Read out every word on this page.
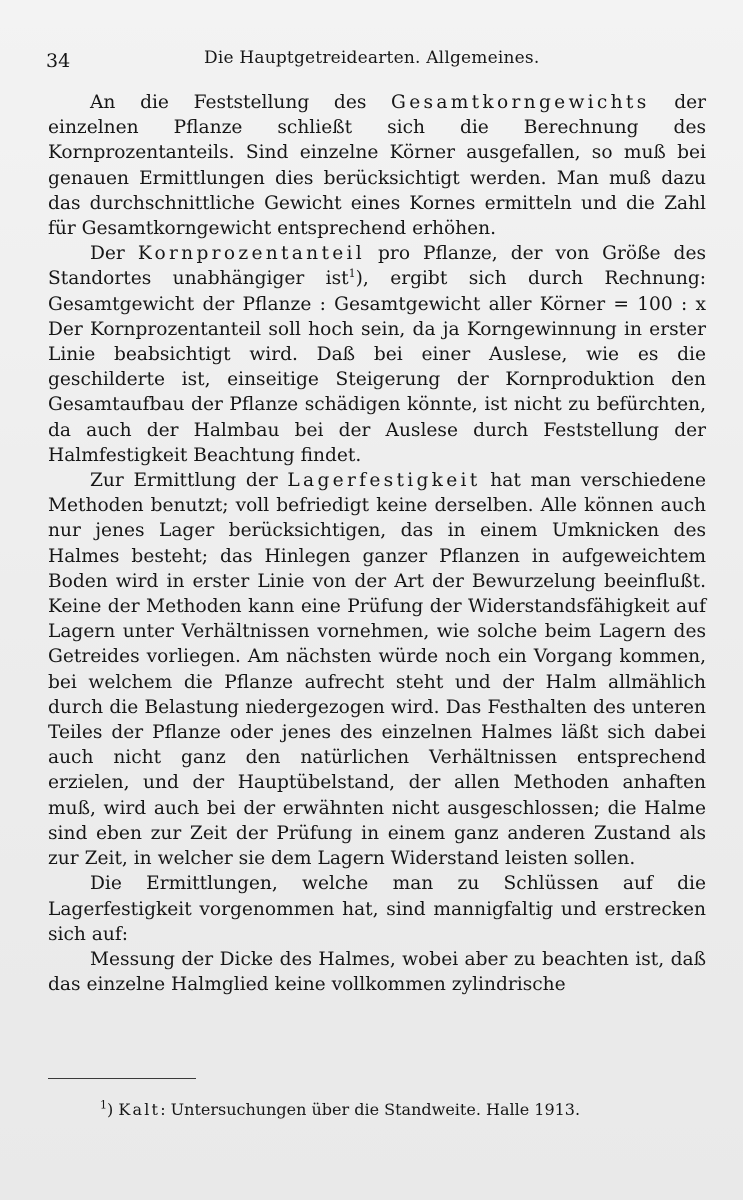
34	Die Hauptgetreidearten. Allgemeines.

An die Feststellung des Gesamtkorngewichts der einzelnen Pflanze schließt sich die Berechnung des Kornprozentanteils. Sind einzelne Körner ausgefallen, so muß bei genauen Ermittlungen dies berücksichtigt werden. Man muß dazu das durchschnittliche Gewicht eines Kornes ermitteln und die Zahl für Gesamtkorngewicht entsprechend erhöhen.

Der Kornprozentanteil pro Pflanze, der von Größe des Standortes unabhängiger ist$^1$), ergibt sich durch Rechnung: Gesamtgewicht der Pflanze : Gesamtgewicht aller Körner = 100 : x Der Kornprozentanteil soll hoch sein, da ja Korngewinnung in erster Linie beabsichtigt wird. Daß bei einer Auslese, wie es die geschilderte ist, einseitige Steigerung der Kornproduktion den Gesamtaufbau der Pflanze schädigen könnte, ist nicht zu befürchten, da auch der Halmbau bei der Auslese durch Feststellung der Halmfestigkeit Beachtung findet.

Zur Ermittlung der Lagerfestigkeit hat man verschiedene Methoden benutzt; voll befriedigt keine derselben. Alle können auch nur jenes Lager berücksichtigen, das in einem Umknicken des Halmes besteht; das Hinlegen ganzer Pflanzen in aufgeweichtem Boden wird in erster Linie von der Art der Bewurzelung beeinflußt. Keine der Methoden kann eine Prüfung der Widerstandsfähigkeit auf Lagern unter Verhältnissen vornehmen, wie solche beim Lagern des Getreides vorliegen. Am nächsten würde noch ein Vorgang kommen, bei welchem die Pflanze aufrecht steht und der Halm allmählich durch die Belastung niedergezogen wird. Das Festhalten des unteren Teiles der Pflanze oder jenes des einzelnen Halmes läßt sich dabei auch nicht ganz den natürlichen Verhältnissen entsprechend erzielen, und der Hauptübelstand, der allen Methoden anhaften muß, wird auch bei der erwähnten nicht ausgeschlossen; die Halme sind eben zur Zeit der Prüfung in einem ganz anderen Zustand als zur Zeit, in welcher sie dem Lagern Widerstand leisten sollen.

Die Ermittlungen, welche man zu Schlüssen auf die Lagerfestigkeit vorgenommen hat, sind mannigfaltig und erstrecken sich auf:

Messung der Dicke des Halmes, wobei aber zu beachten ist, daß das einzelne Halmglied keine vollkommen zylindrische

$^1$) Kalt: Untersuchungen über die Standweite. Halle 1913.
